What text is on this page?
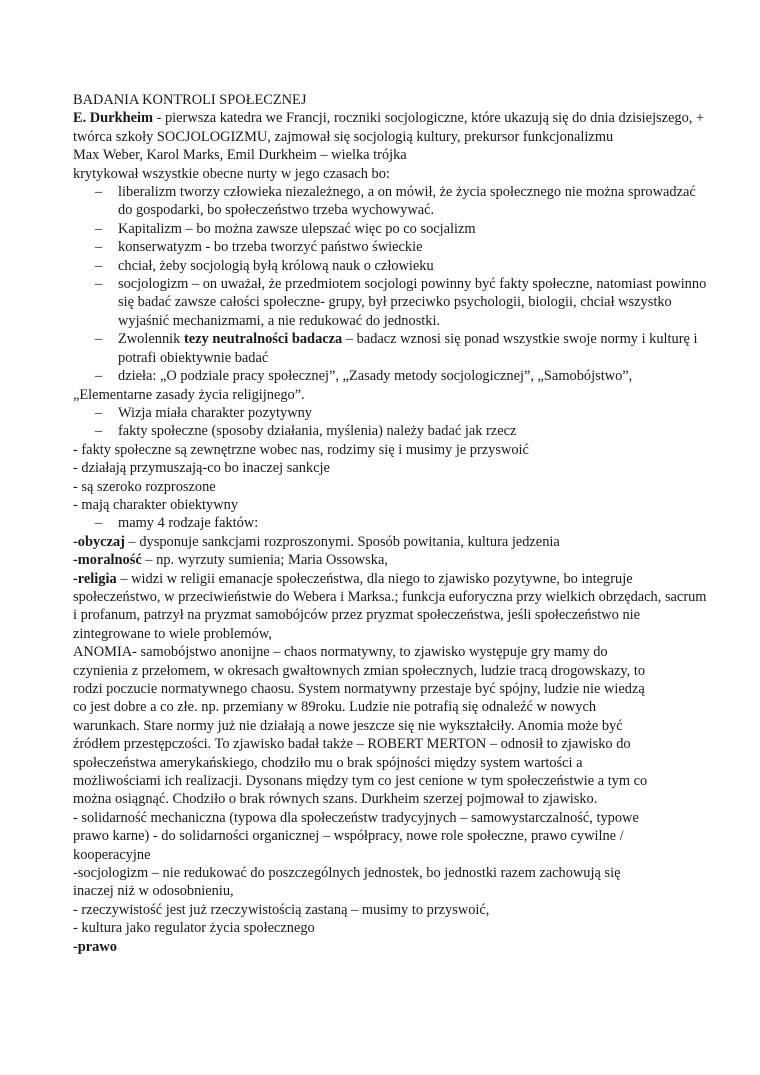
BADANIA KONTROLI SPOŁECZNEJ
E. Durkheim - pierwsza katedra we Francji, roczniki socjologiczne, które ukazują się do dnia dzisiejszego, + twórca szkoły SOCJOLOGIZMU, zajmował się socjologią kultury, prekursor funkcjonalizmu
Max Weber, Karol Marks, Emil Durkheim – wielka trójka
krytykował wszystkie obecne nurty w jego czasach bo:
– liberalizm tworzy człowieka niezależnego, a on mówił, że życia społecznego nie można sprowadzać do gospodarki, bo społeczeństwo trzeba wychowywać.
– Kapitalizm – bo można zawsze ulepszać więc po co socjalizm
– konserwatyzm - bo trzeba tworzyć państwo świeckie
– chciał, żeby socjologią byłą królową nauk o człowieku
– socjologizm – on uważał, że przedmiotem socjologi powinny być fakty społeczne, natomiast powinno się badać zawsze całości społeczne- grupy, był przeciwko psychologii, biologii, chciał wszystko wyjaśnić mechanizmami, a nie redukować do jednostki.
– Zwolennik tezy neutralności badacza – badacz wznosi się ponad wszystkie swoje normy i kulturę i potrafi obiektywnie badać
– dzieła: „O podziale pracy społecznej”, „Zasady metody socjologicznej”, „Samobójstwo”,
„Elementarne zasady życia religijnego”.
– Wizja miała charakter pozytywny
– fakty społeczne (sposoby działania, myślenia) należy badać jak rzecz
- fakty społeczne są zewnętrzne wobec nas, rodzimy się i musimy je przyswoić
- działają przymuszają-co bo inaczej sankcje
- są szeroko rozproszone
- mają charakter obiektywny
– mamy 4 rodzaje faktów:
-obyczaj – dysponuje sankcjami rozproszonymi. Sposób powitania, kultura jedzenia
-moralność – np. wyrzuty sumienia; Maria Ossowska,
-religia – widzi w religii emanacje społeczeństwa, dla niego to zjawisko pozytywne, bo integruje społeczeństwo, w przeciwieństwie do Webera i Marksa.; funkcja euforyczna przy wielkich obrzędach, sacrum i profanum, patrzył na pryzmat samobójców przez pryzmat społeczeństwa, jeśli społeczeństwo nie zintegrowane to wiele problemów,
ANOMIA- samobójstwo anonijne – chaos normatywny, to zjawisko występuje gry mamy do
czynienia z przełomem, w okresach gwałtownych zmian społecznych, ludzie tracą drogowskazy, to
rodzi poczucie normatywnego chaosu. System normatywny przestaje być spójny, ludzie nie wiedzą
co jest dobre a co złe. np. przemiany w 89roku. Ludzie nie potrafią się odnaleźć w nowych
warunkach. Stare normy już nie działają a nowe jeszcze się nie wykształciły. Anomia może być
źródłem przestępczości. To zjawisko badał także – ROBERT MERTON – odnosił to zjawisko do
społeczeństwa amerykańskiego, chodziło mu o brak spójności między system wartości a
możliwościami ich realizacji. Dysonans między tym co jest cenione w tym społeczeństwie a tym co
można osiągnąć. Chodziło o brak równych szans. Durkheim szerzej pojmował to zjawisko.
- solidarność mechaniczna (typowa dla społeczeństw tradycyjnych – samowystarczalność, typowe
prawo karne) - do solidarności organicznej – współpracy, nowe role społeczne, prawo cywilne /
kooperacyjne
-socjologizm – nie redukować do poszczególnych jednostek, bo jednostki razem zachowują się
inaczej niż w odosobnieniu,
- rzeczywistość jest już rzeczywistością zastaną – musimy to przyswoić,
- kultura jako regulator życia społecznego
-prawo
